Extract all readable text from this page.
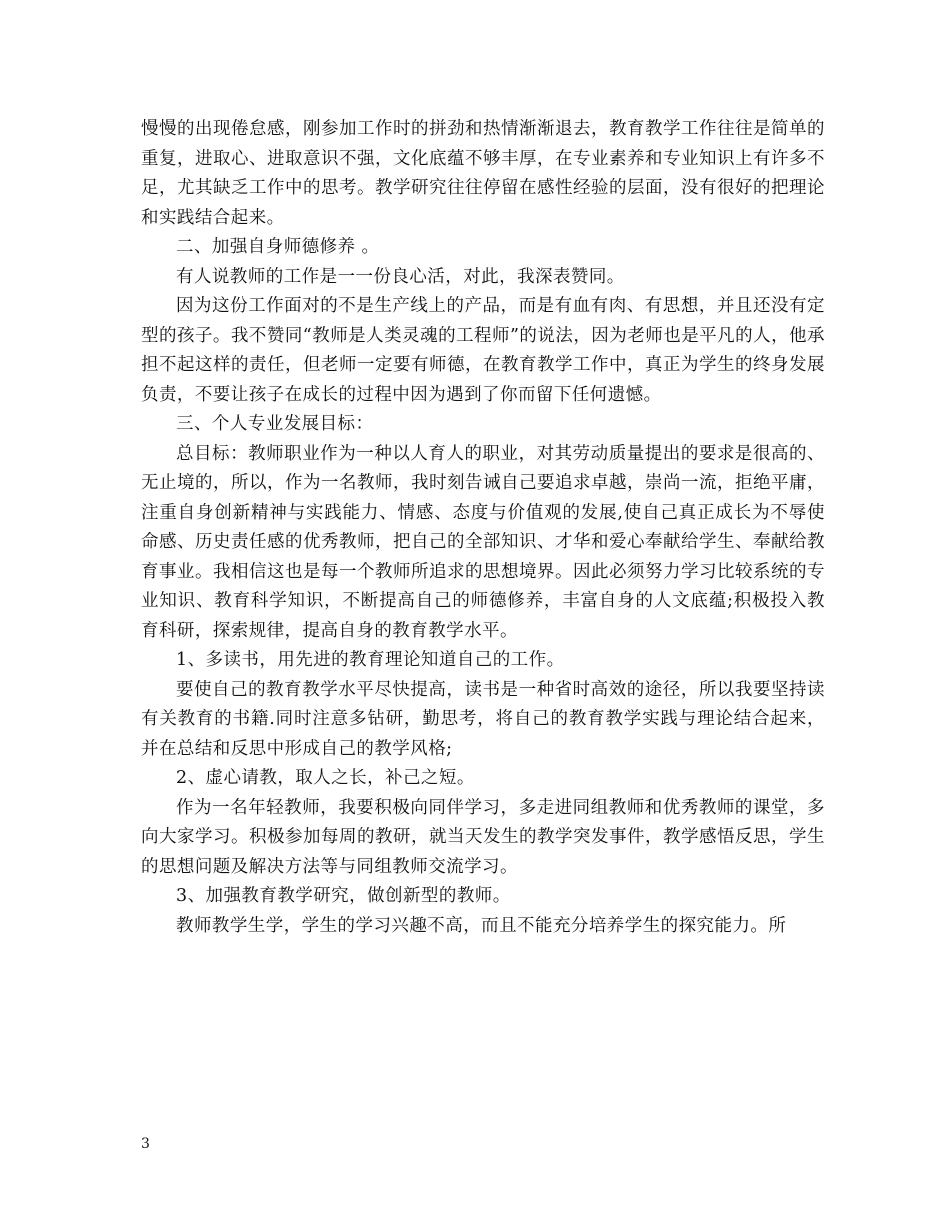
慢慢的出现倦怠感，刚参加工作时的拼劲和热情渐渐退去，教育教学工作往往是简单的重复，进取心、进取意识不强，文化底蕴不够丰厚，在专业素养和专业知识上有许多不足，尤其缺乏工作中的思考。教学研究往往停留在感性经验的层面，没有很好的把理论和实践结合起来。

二、加强自身师德修养 。

有人说教师的工作是一一份良心活，对此，我深表赞同。

因为这份工作面对的不是生产线上的产品，而是有血有肉、有思想，并且还没有定型的孩子。我不赞同“教师是人类灵魂的工程师”的说法，因为老师也是平凡的人，他承担不起这样的责任，但老师一定要有师德，在教育教学工作中，真正为学生的终身发展负责，不要让孩子在成长的过程中因为遇到了你而留下任何遗憾。

三、个人专业发展目标：

总目标：教师职业作为一种以人育人的职业，对其劳动质量提出的要求是很高的、无止境的，所以，作为一名教师，我时刻告诫自己要追求卓越，崇尚一流，拒绝平庸，注重自身创新精神与实践能力、情感、态度与价值观的发展,使自己真正成长为不辱使命感、历史责任感的优秀教师，把自己的全部知识、才华和爱心奉献给学生、奉献给教育事业。我相信这也是每一个教师所追求的思想境界。因此必须努力学习比较系统的专业知识、教育科学知识，不断提高自己的师德修养，丰富自身的人文底蕴;积极投入教育科研，探索规律，提高自身的教育教学水平。

1、多读书，用先进的教育理论知道自己的工作。

要使自己的教育教学水平尽快提高，读书是一种省时高效的途径，所以我要坚持读有关教育的书籍.同时注意多钻研，勤思考，将自己的教育教学实践与理论结合起来，并在总结和反思中形成自己的教学风格;

2、虚心请教，取人之长，补己之短。

作为一名年轻教师，我要积极向同伴学习，多走进同组教师和优秀教师的课堂，多向大家学习。积极参加每周的教研，就当天发生的教学突发事件，教学感悟反思，学生的思想问题及解决方法等与同组教师交流学习。

3、加强教育教学研究，做创新型的教师。

教师教学生学，学生的学习兴趣不高，而且不能充分培养学生的探究能力。所

3
